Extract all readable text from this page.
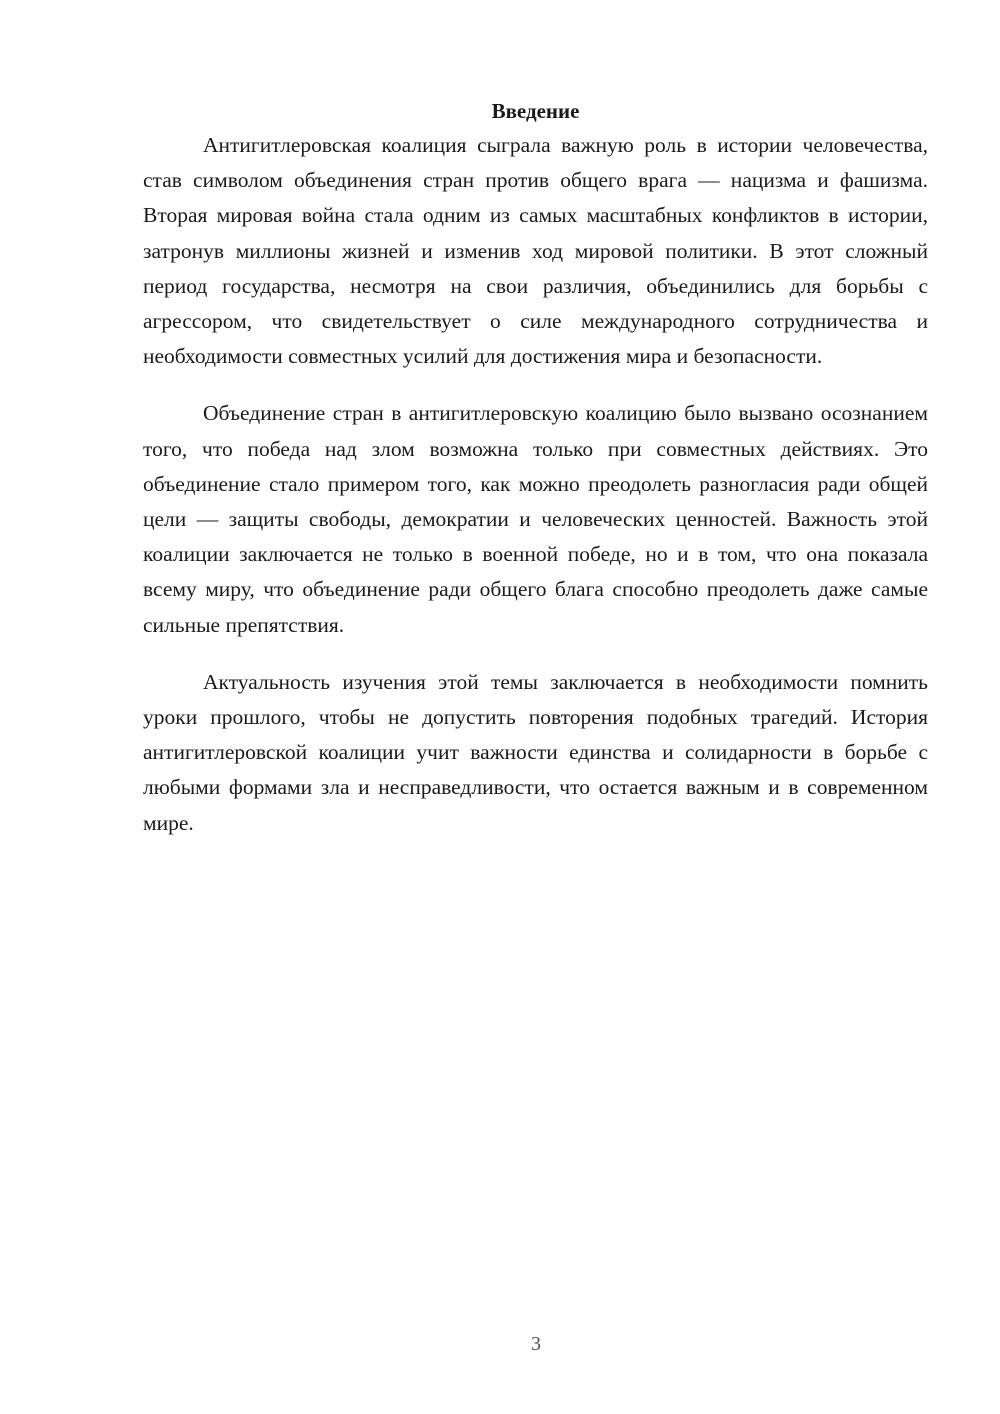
Введение

Антигитлеровская коалиция сыграла важную роль в истории человечества, став символом объединения стран против общего врага — нацизма и фашизма. Вторая мировая война стала одним из самых масштабных конфликтов в истории, затронув миллионы жизней и изменив ход мировой политики. В этот сложный период государства, несмотря на свои различия, объединились для борьбы с агрессором, что свидетельствует о силе международного сотрудничества и необходимости совместных усилий для достижения мира и безопасности.

Объединение стран в антигитлеровскую коалицию было вызвано осознанием того, что победа над злом возможна только при совместных действиях. Это объединение стало примером того, как можно преодолеть разногласия ради общей цели — защиты свободы, демократии и человеческих ценностей. Важность этой коалиции заключается не только в военной победе, но и в том, что она показала всему миру, что объединение ради общего блага способно преодолеть даже самые сильные препятствия.

Актуальность изучения этой темы заключается в необходимости помнить уроки прошлого, чтобы не допустить повторения подобных трагедий. История антигитлеровской коалиции учит важности единства и солидарности в борьбе с любыми формами зла и несправедливости, что остается важным и в современном мире.

3
